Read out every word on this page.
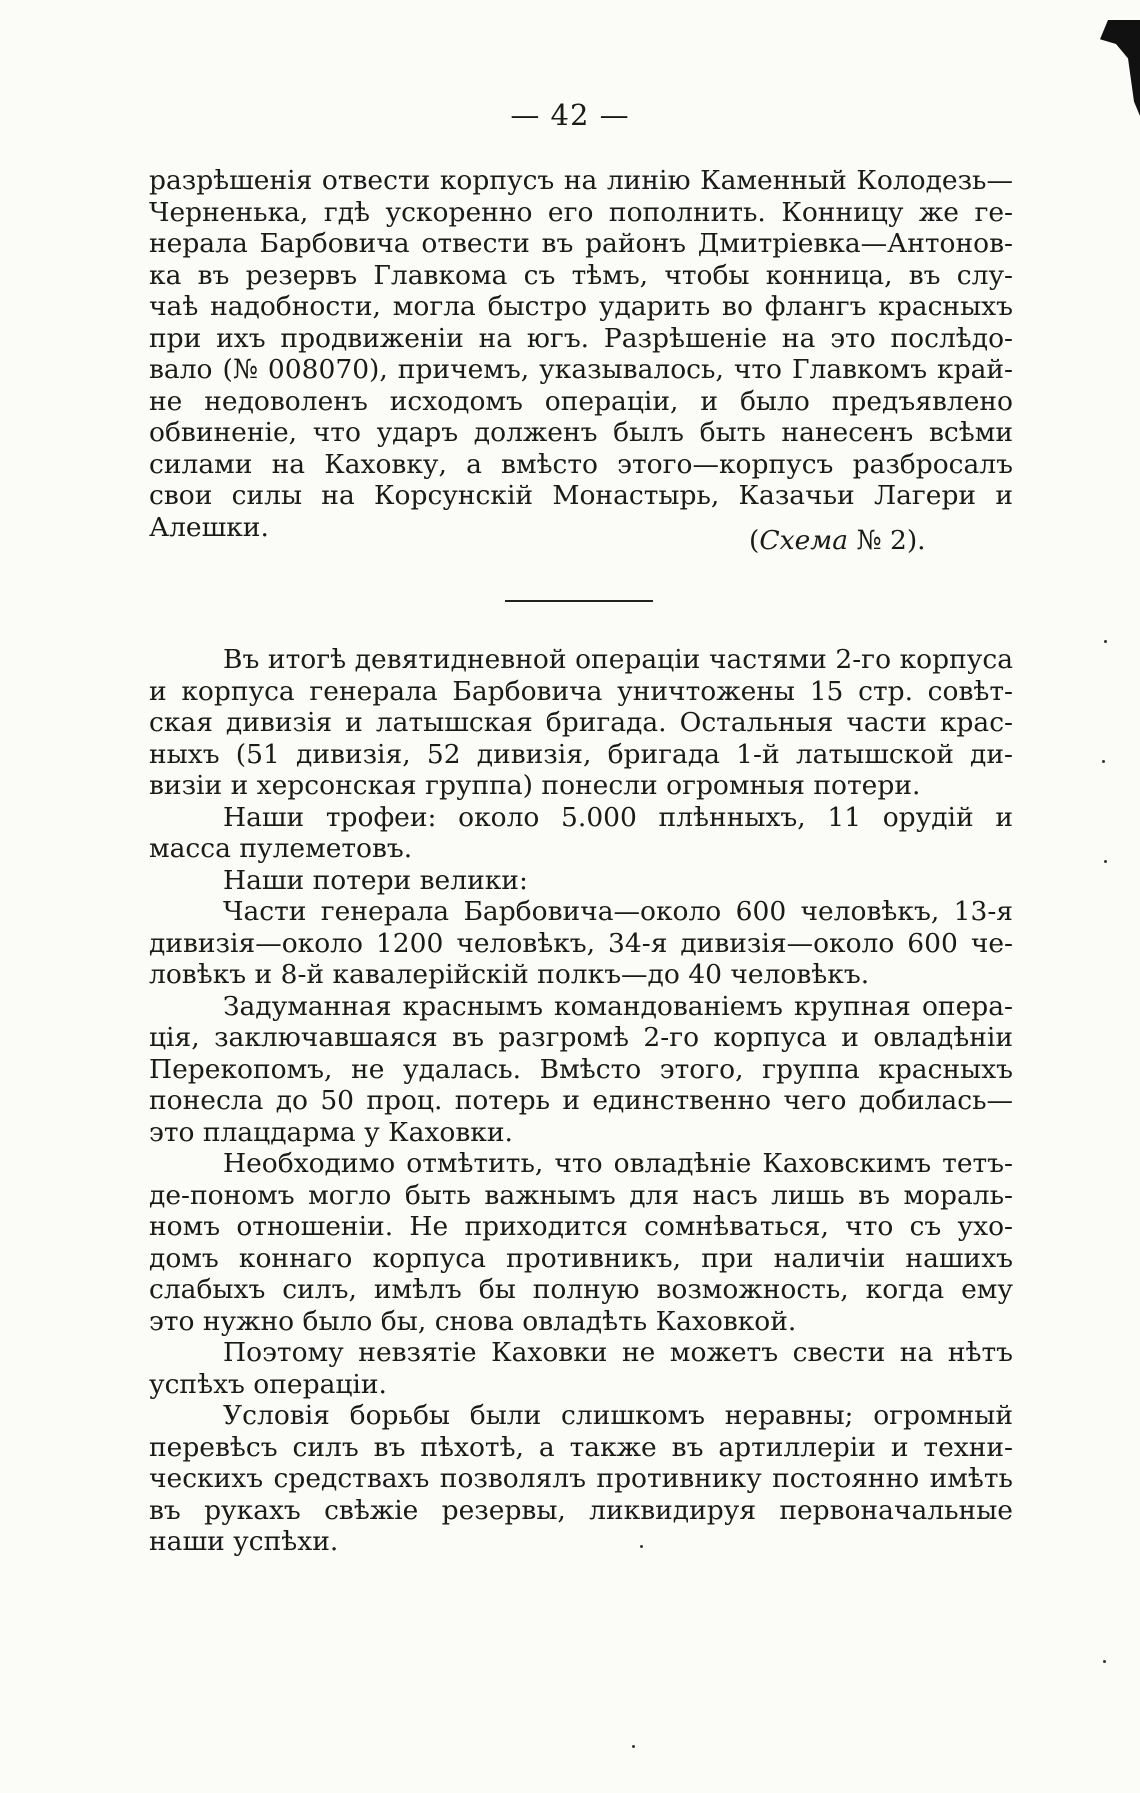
— 42 —
разрѣшенія отвести корпусъ на линію Каменный Колодезь—
Черненька, гдѣ ускоренно его пополнить. Конницу же ге-
нерала Барбовича отвести въ районъ Дмитріевка—Антонов-
ка въ резервъ Главкома съ тѣмъ, чтобы конница, въ слу-
чаѣ надобности, могла быстро ударить во флангъ красныхъ
при ихъ продвиженіи на югъ. Разрѣшеніе на это послѣдо-
вало (№ 008070), причемъ, указывалось, что Главкомъ край-
не недоволенъ исходомъ операціи, и было предъявлено
обвиненіе, что ударъ долженъ былъ быть нанесенъ всѣми
силами на Каховку, а вмѣсто этого—корпусъ разбросалъ
свои силы на Корсунскій Монастырь, Казачьи Лагери и
Алешки.	(Схема № 2).
Въ итогѣ девятидневной операціи частями 2-го корпуса
и корпуса генерала Барбовича уничтожены 15 стр. совѣт-
ская дивизія и латышская бригада. Остальныя части крас-
ныхъ (51 дивизія, 52 дивизія, бригада 1-й латышской ди-
визіи и херсонская группа) понесли огромныя потери.
Наши трофеи: около 5.000 плѣнныхъ, 11 орудій и
масса пулеметовъ.
Наши потери велики:
Части генерала Барбовича—около 600 человѣкъ, 13-я
дивизія—около 1200 человѣкъ, 34-я дивизія—около 600 че-
ловѣкъ и 8-й кавалерійскій полкъ—до 40 человѣкъ.
Задуманная краснымъ командованіемъ крупная опера-
ція, заключавшаяся въ разгромѣ 2-го корпуса и овладѣніи
Перекопомъ, не удалась. Вмѣсто этого, группа красныхъ
понесла до 50 проц. потерь и единственно чего добилась—
это плацдарма у Каховки.
Необходимо отмѣтить, что овладѣніе Каховскимъ тетъ-
де-пономъ могло быть важнымъ для насъ лишь въ мораль-
номъ отношеніи. Не приходится сомнѣваться, что съ ухо-
домъ коннаго корпуса противникъ, при наличіи нашихъ
слабыхъ силъ, имѣлъ бы полную возможность, когда ему
это нужно было бы, снова овладѣть Каховкой.
Поэтому невзятіе Каховки не можетъ свести на нѣтъ
успѣхъ операціи.
Условія борьбы были слишкомъ неравны; огромный
перевѣсъ силъ въ пѣхотѣ, а также въ артиллеріи и техни-
ческихъ средствахъ позволялъ противнику постоянно имѣть
въ рукахъ свѣжіе резервы, ликвидируя первоначальные
наши успѣхи.
